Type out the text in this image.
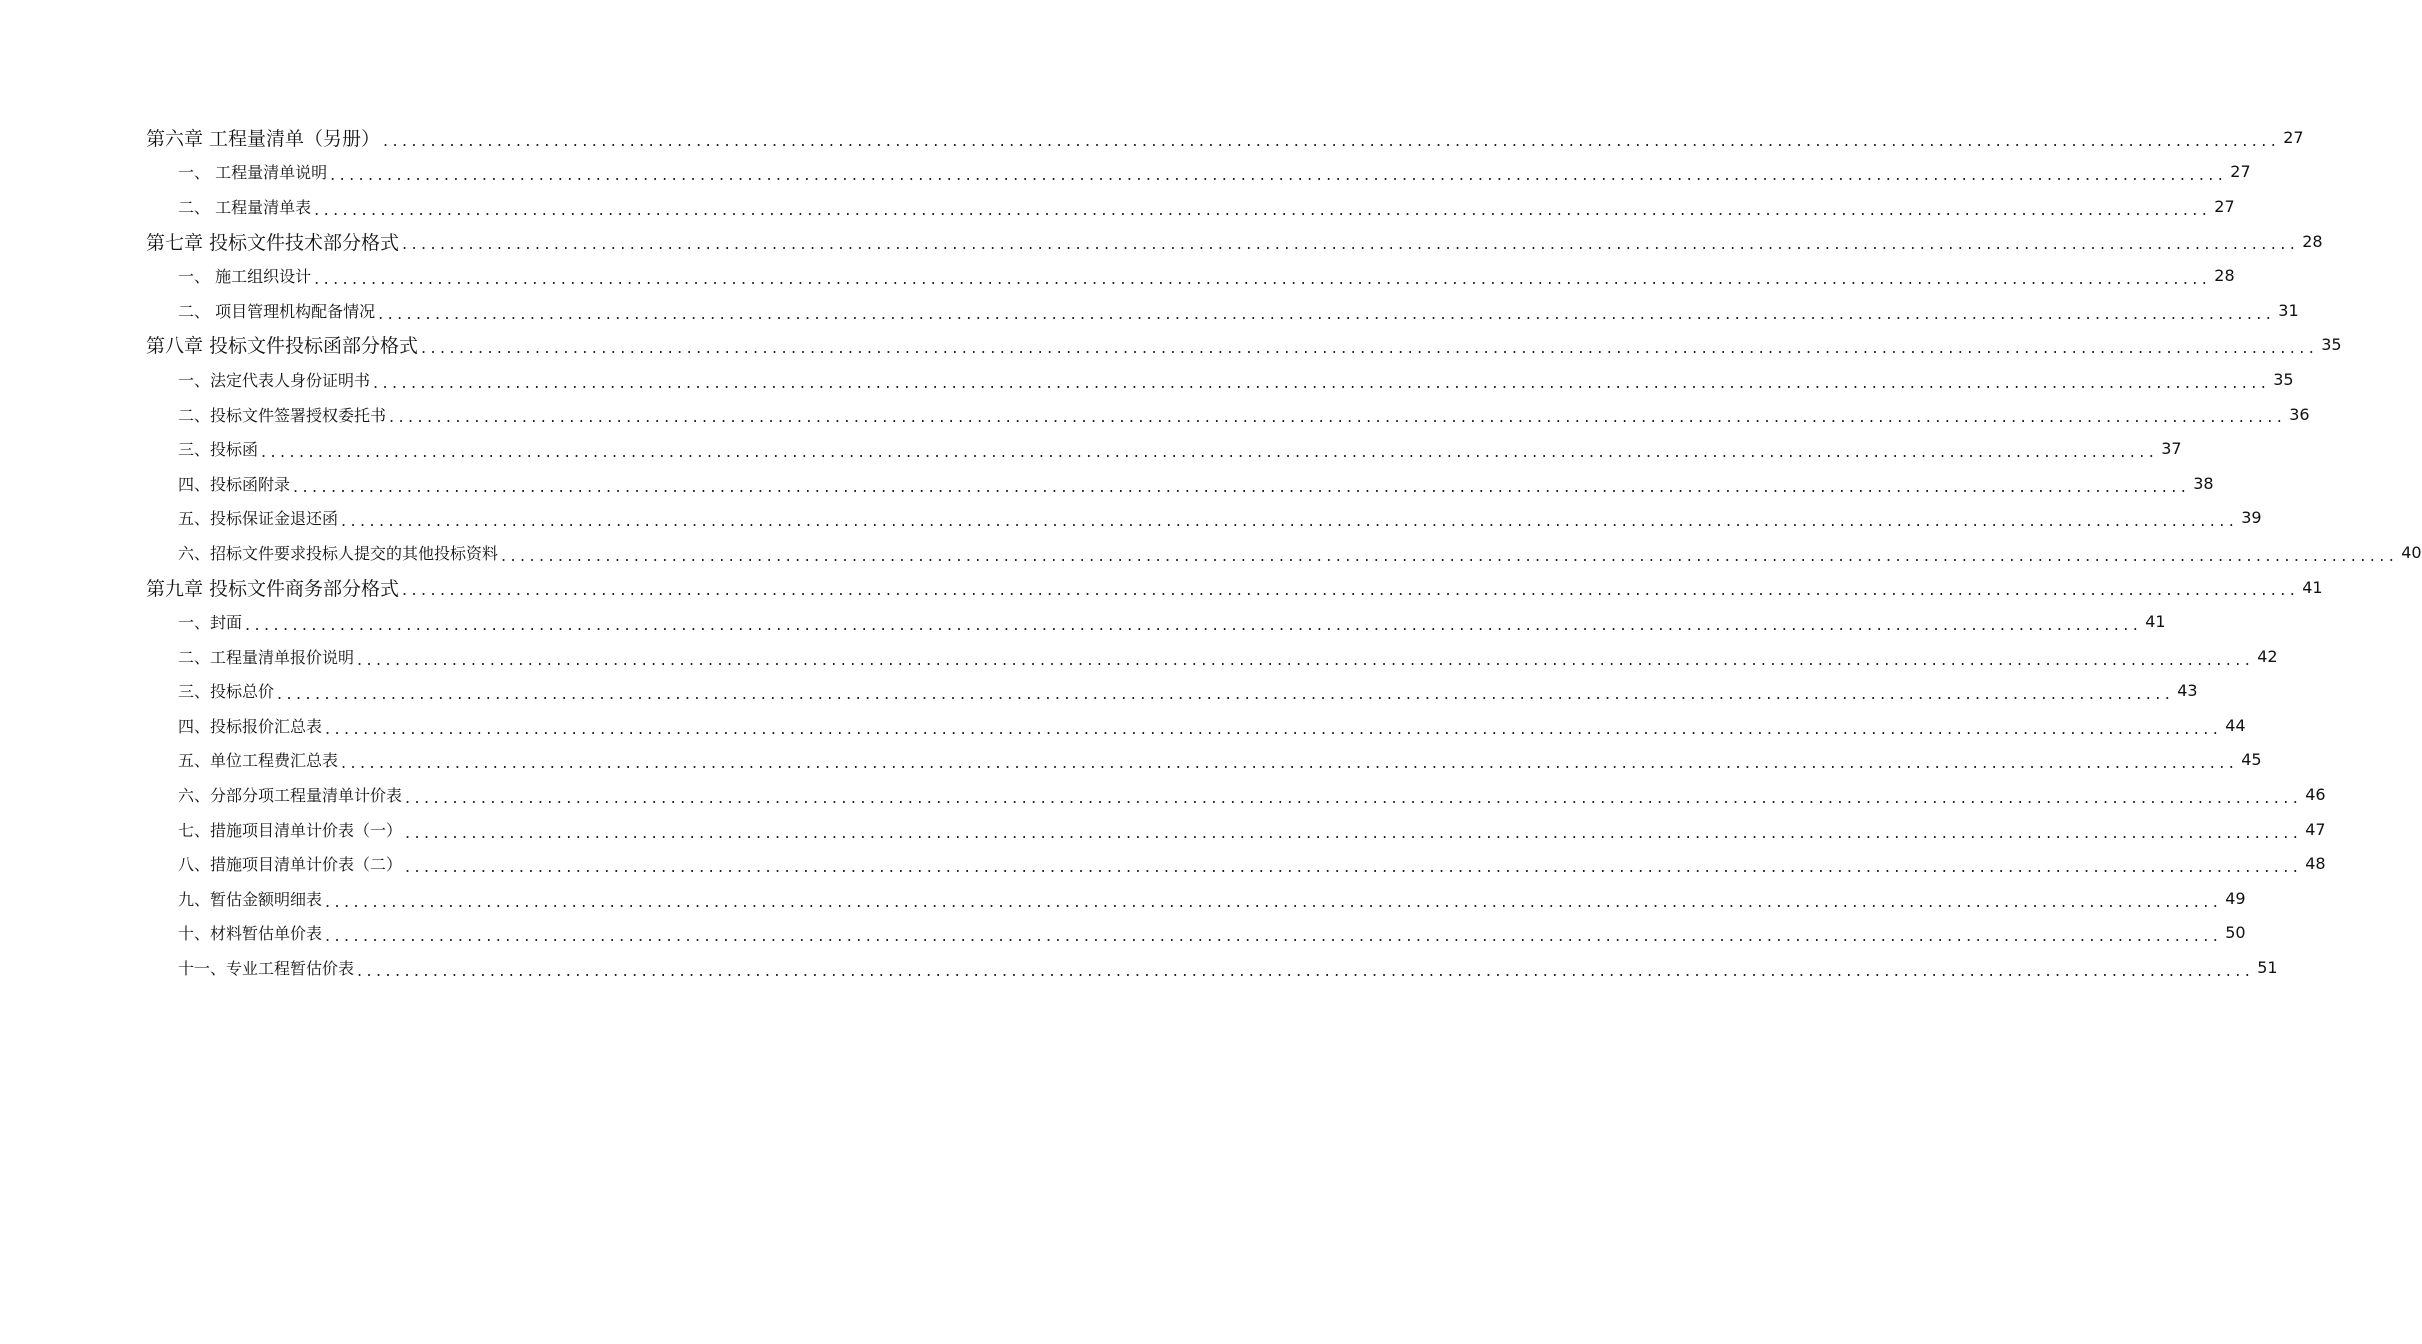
第六章 工程量清单（另册） ........................................................................................................................................................................................................ 27
一、 工程量清单说明 ........................................................................................................................................................................................................ 27
二、 工程量清单表 ........................................................................................................................................................................................................ 27
第七章 投标文件技术部分格式 ........................................................................................................................................................................................................ 28
一、 施工组织设计 ........................................................................................................................................................................................................ 28
二、 项目管理机构配备情况 ........................................................................................................................................................................................................ 31
第八章 投标文件投标函部分格式 ........................................................................................................................................................................................................ 35
一、法定代表人身份证明书 ........................................................................................................................................................................................................ 35
二、投标文件签署授权委托书 ........................................................................................................................................................................................................ 36
三、投标函 ........................................................................................................................................................................................................ 37
四、投标函附录 ........................................................................................................................................................................................................ 38
五、投标保证金退还函 ........................................................................................................................................................................................................ 39
六、招标文件要求投标人提交的其他投标资料 ........................................................................................................................................................................................................ 40
第九章 投标文件商务部分格式 ........................................................................................................................................................................................................ 41
一、封面 ........................................................................................................................................................................................................ 41
二、工程量清单报价说明 ........................................................................................................................................................................................................ 42
三、投标总价 ........................................................................................................................................................................................................ 43
四、投标报价汇总表 ........................................................................................................................................................................................................ 44
五、单位工程费汇总表 ........................................................................................................................................................................................................ 45
六、分部分项工程量清单计价表 ........................................................................................................................................................................................................ 46
七、措施项目清单计价表（一） ........................................................................................................................................................................................................ 47
八、措施项目清单计价表（二） ........................................................................................................................................................................................................ 48
九、暂估金额明细表 ........................................................................................................................................................................................................ 49
十、材料暂估单价表 ........................................................................................................................................................................................................ 50
十一、专业工程暂估价表 ........................................................................................................................................................................................................ 51
